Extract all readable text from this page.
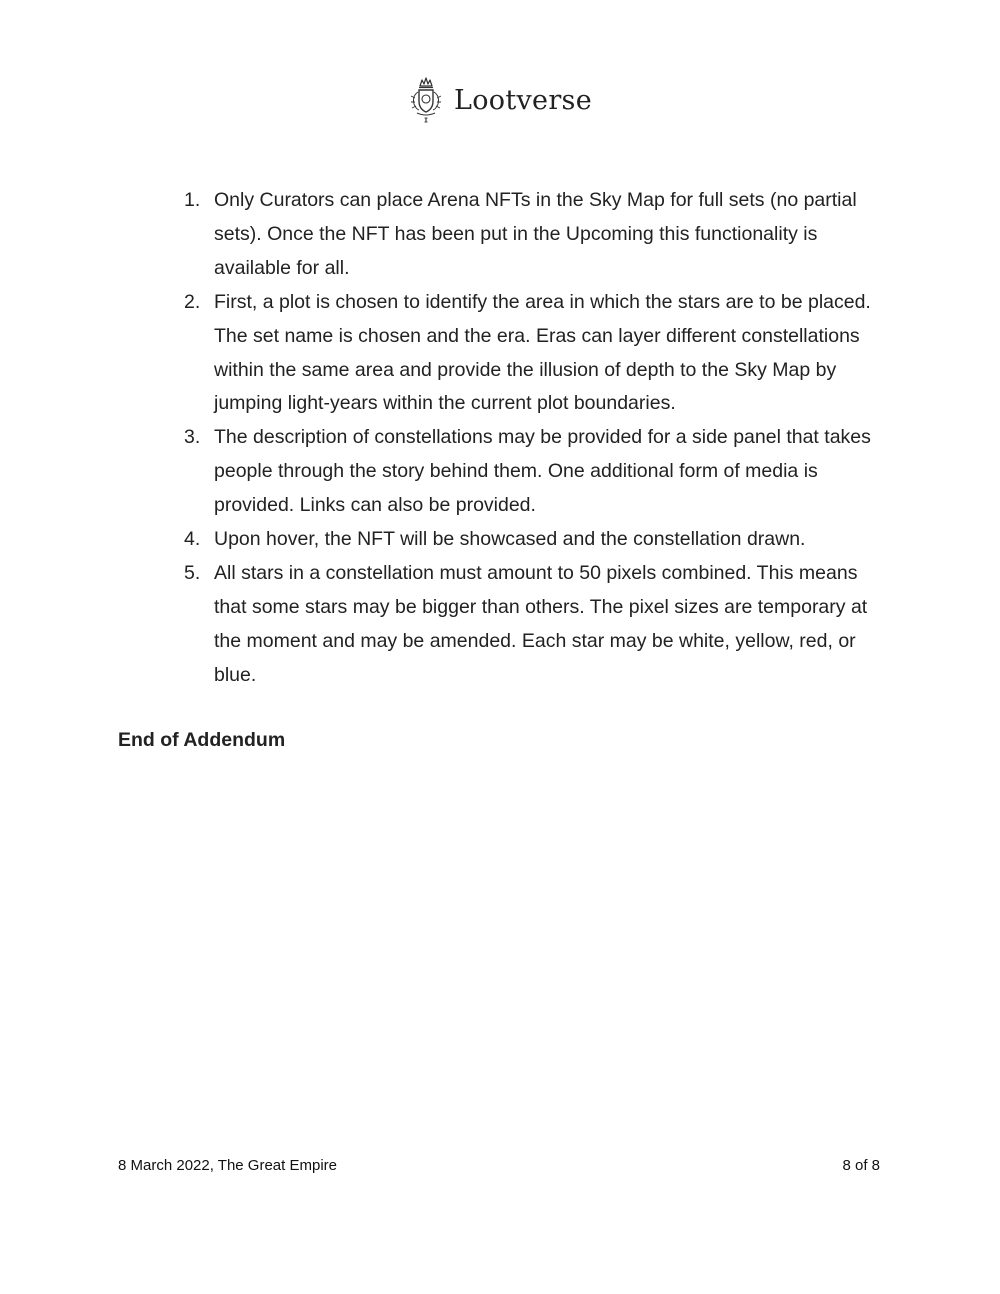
Lootverse
1. Only Curators can place Arena NFTs in the Sky Map for full sets (no partial sets). Once the NFT has been put in the Upcoming this functionality is available for all.
2. First, a plot is chosen to identify the area in which the stars are to be placed. The set name is chosen and the era. Eras can layer different constellations within the same area and provide the illusion of depth to the Sky Map by jumping light-years within the current plot boundaries.
3. The description of constellations may be provided for a side panel that takes people through the story behind them. One additional form of media is provided. Links can also be provided.
4. Upon hover, the NFT will be showcased and the constellation drawn.
5. All stars in a constellation must amount to 50 pixels combined. This means that some stars may be bigger than others. The pixel sizes are temporary at the moment and may be amended. Each star may be white, yellow, red, or blue.
End of Addendum
8 March 2022, The Great Empire	8 of 8
